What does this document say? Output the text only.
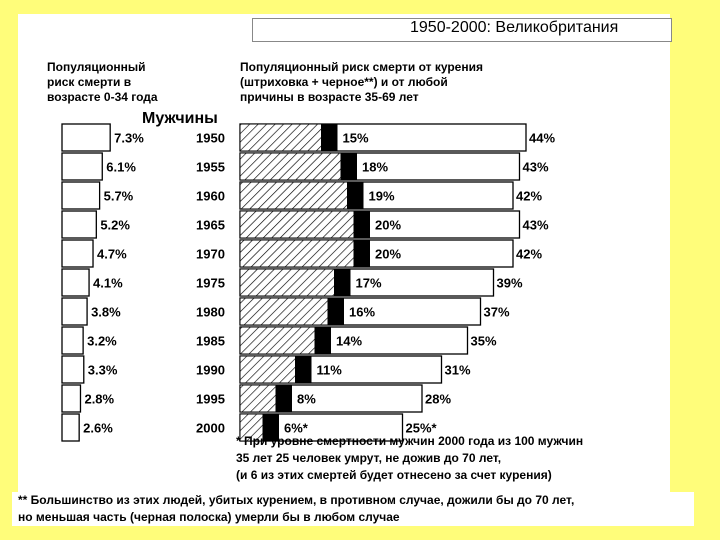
1950-2000: Великобритания
Популяционный
риск смерти в
возрасте 0-34 года
Популяционный риск смерти от курения
(штриховка + черное**) и от любой
причины в возрасте 35-69 лет
Мужчины
7.3%	1950	15%	44%
6.1%	1955	18%	43%
5.7%	1960	19%	42%
5.2%	1965	20%	43%
4.7%	1970	20%	42%
4.1%	1975	17%	39%
3.8%	1980	16%	37%
3.2%	1985	14%	35%
3.3%	1990	11%	31%
2.8%	1995	8%	28%
2.6%	2000	6%*	25%*
* При уровне смертности мужчин 2000 года из 100 мужчин
35 лет 25 человек умрут, не дожив до 70 лет,
(и 6 из этих смертей будет отнесено за счет курения)
** Большинство из этих людей, убитых курением, в противном случае, дожили бы до 70 лет,
но меньшая часть (черная полоска) умерли бы в любом случае
